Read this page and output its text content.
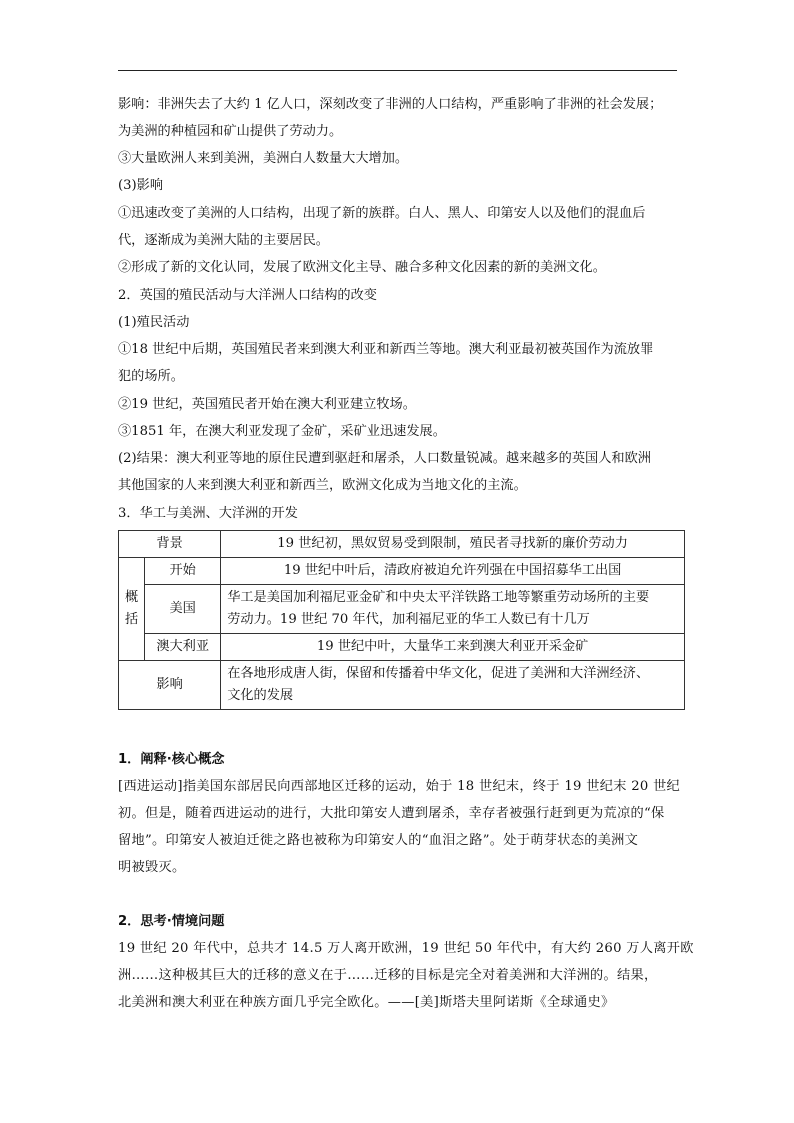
影响：非洲失去了大约 1 亿人口，深刻改变了非洲的人口结构，严重影响了非洲的社会发展；
为美洲的种植园和矿山提供了劳动力。
③大量欧洲人来到美洲，美洲白人数量大大增加。
(3)影响
①迅速改变了美洲的人口结构，出现了新的族群。白人、黑人、印第安人以及他们的混血后
代，逐渐成为美洲大陆的主要居民。
②形成了新的文化认同，发展了欧洲文化主导、融合多种文化因素的新的美洲文化。
2．英国的殖民活动与大洋洲人口结构的改变
(1)殖民活动
①18 世纪中后期，英国殖民者来到澳大利亚和新西兰等地。澳大利亚最初被英国作为流放罪
犯的场所。
②19 世纪，英国殖民者开始在澳大利亚建立牧场。
③1851 年，在澳大利亚发现了金矿，采矿业迅速发展。
(2)结果：澳大利亚等地的原住民遭到驱赶和屠杀，人口数量锐减。越来越多的英国人和欧洲
其他国家的人来到澳大利亚和新西兰，欧洲文化成为当地文化的主流。
3．华工与美洲、大洋洲的开发
背景		19 世纪初，黑奴贸易受到限制，殖民者寻找新的廉价劳动力

概
括	开始	19 世纪中叶后，清政府被迫允许列强在中国招募华工出国
	美国	华工是美国加利福尼亚金矿和中央太平洋铁路工地等繁重劳动场所的主要
劳动力。19 世纪 70 年代，加利福尼亚的华工人数已有十几万

	澳大利亚	19 世纪中叶，大量华工来到澳大利亚开采金矿
影响		在各地形成唐人街，保留和传播着中华文化，促进了美洲和大洋洲经济、
文化的发展
1．阐释·核心概念
[西进运动]指美国东部居民向西部地区迁移的运动，始于 18 世纪末，终于 19 世纪末 20 世纪
初。但是，随着西进运动的进行，大批印第安人遭到屠杀，幸存者被强行赶到更为荒凉的“保
留地”。印第安人被迫迁徙之路也被称为印第安人的“血泪之路”。处于萌芽状态的美洲文
明被毁灭。
2．思考·情境问题
19 世纪 20 年代中，总共才 14.5 万人离开欧洲，19 世纪 50 年代中，有大约 260 万人离开欧
洲……这种极其巨大的迁移的意义在于……迁移的目标是完全对着美洲和大洋洲的。结果，
北美洲和澳大利亚在种族方面几乎完全欧化。——[美]斯塔夫里阿诺斯《全球通史》
